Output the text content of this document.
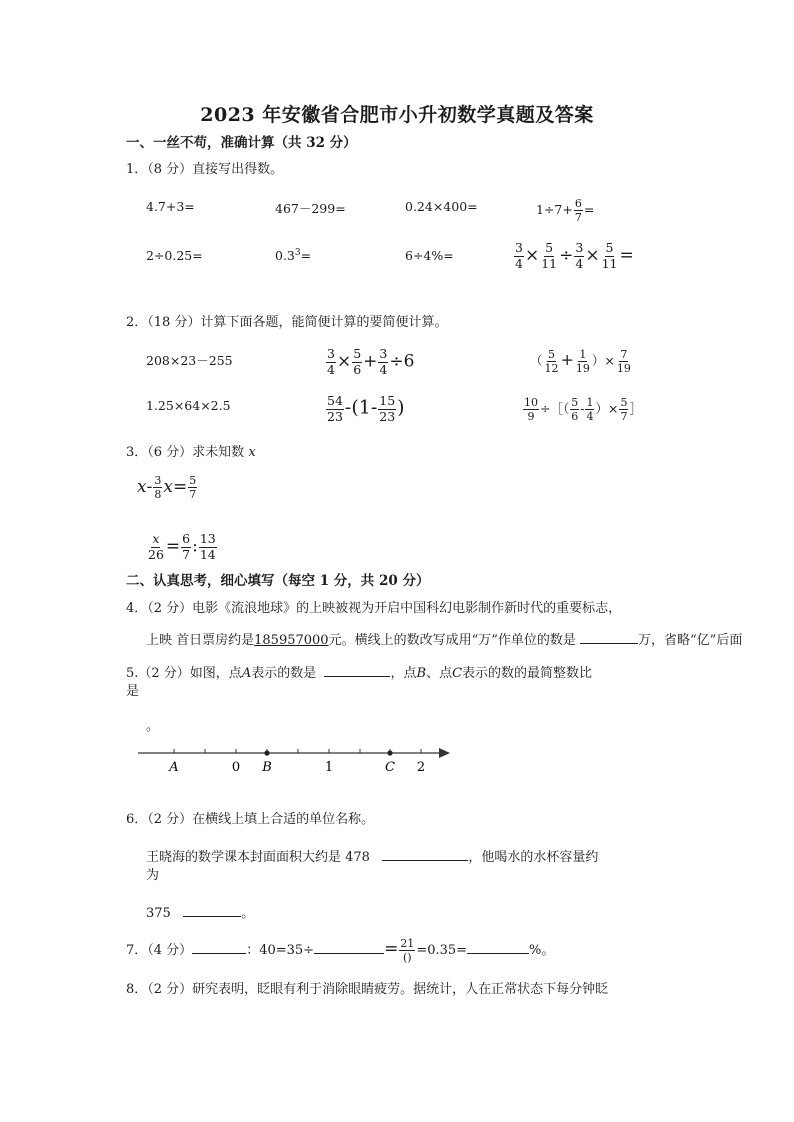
2023 年安徽省合肥市小升初数学真题及答案
一、一丝不苟，准确计算（共 32 分）
1．（8 分）直接写出得数。
4.7+3=	467－299=	0.24×400=	$1\div 7+ \frac{6}{7}$ =
2÷0.25=	$0.3^3=$	6÷4%=	$\frac{3}{4} \times \frac{5}{11} \div \frac{3}{4} \times \frac{5}{11}$ =
2．（18 分）计算下面各题，能简便计算的要简便计算。
208×23－255	$\frac{3}{4} \times \frac{5}{6} + \frac{3}{4} \div 6$	（ $\frac{5}{12} + \frac{1}{19}$ ）× $\frac{7}{19}$
1.25×64×2.5	$\frac{54}{23} -(1- \frac{15}{23}$ )	$\frac{10}{9}$ ÷［（ $\frac{5}{6} - \frac{1}{4}$ ）× $\frac{5}{7}$ ］
3．（6 分）求未知数 x
$x- \frac{3}{8} x= \frac{5}{7}$
$\frac{x}{26} = \frac{6}{7}$ : $\frac{13}{14}$
二、认真思考，细心填写（每空 1 分，共 20 分）
4．（2 分）电影《流浪地球》的上映被视为开启中国科幻电影制作新时代的重要标志，
上映 首日票房约是185957000元。横线上的数改写成用“万”作单位的数是	万，省略“亿”后面
5.（2 分）如图，点A表示的数是	，点B、点C表示的数的最简整数比
是
。
A	0 B	1	C 2
6．（2 分）在横线上填上合适的单位名称。
王晓海的数学课本封面面积大约是 478	，他喝水的水杯容量约
为
375	。
7．（4 分）	：40=35÷	= $\frac{21}{()} =0.35=$	%。
8．（2 分）研究表明，眨眼有利于消除眼睛疲劳。据统计，人在正常状态下每分钟眨
